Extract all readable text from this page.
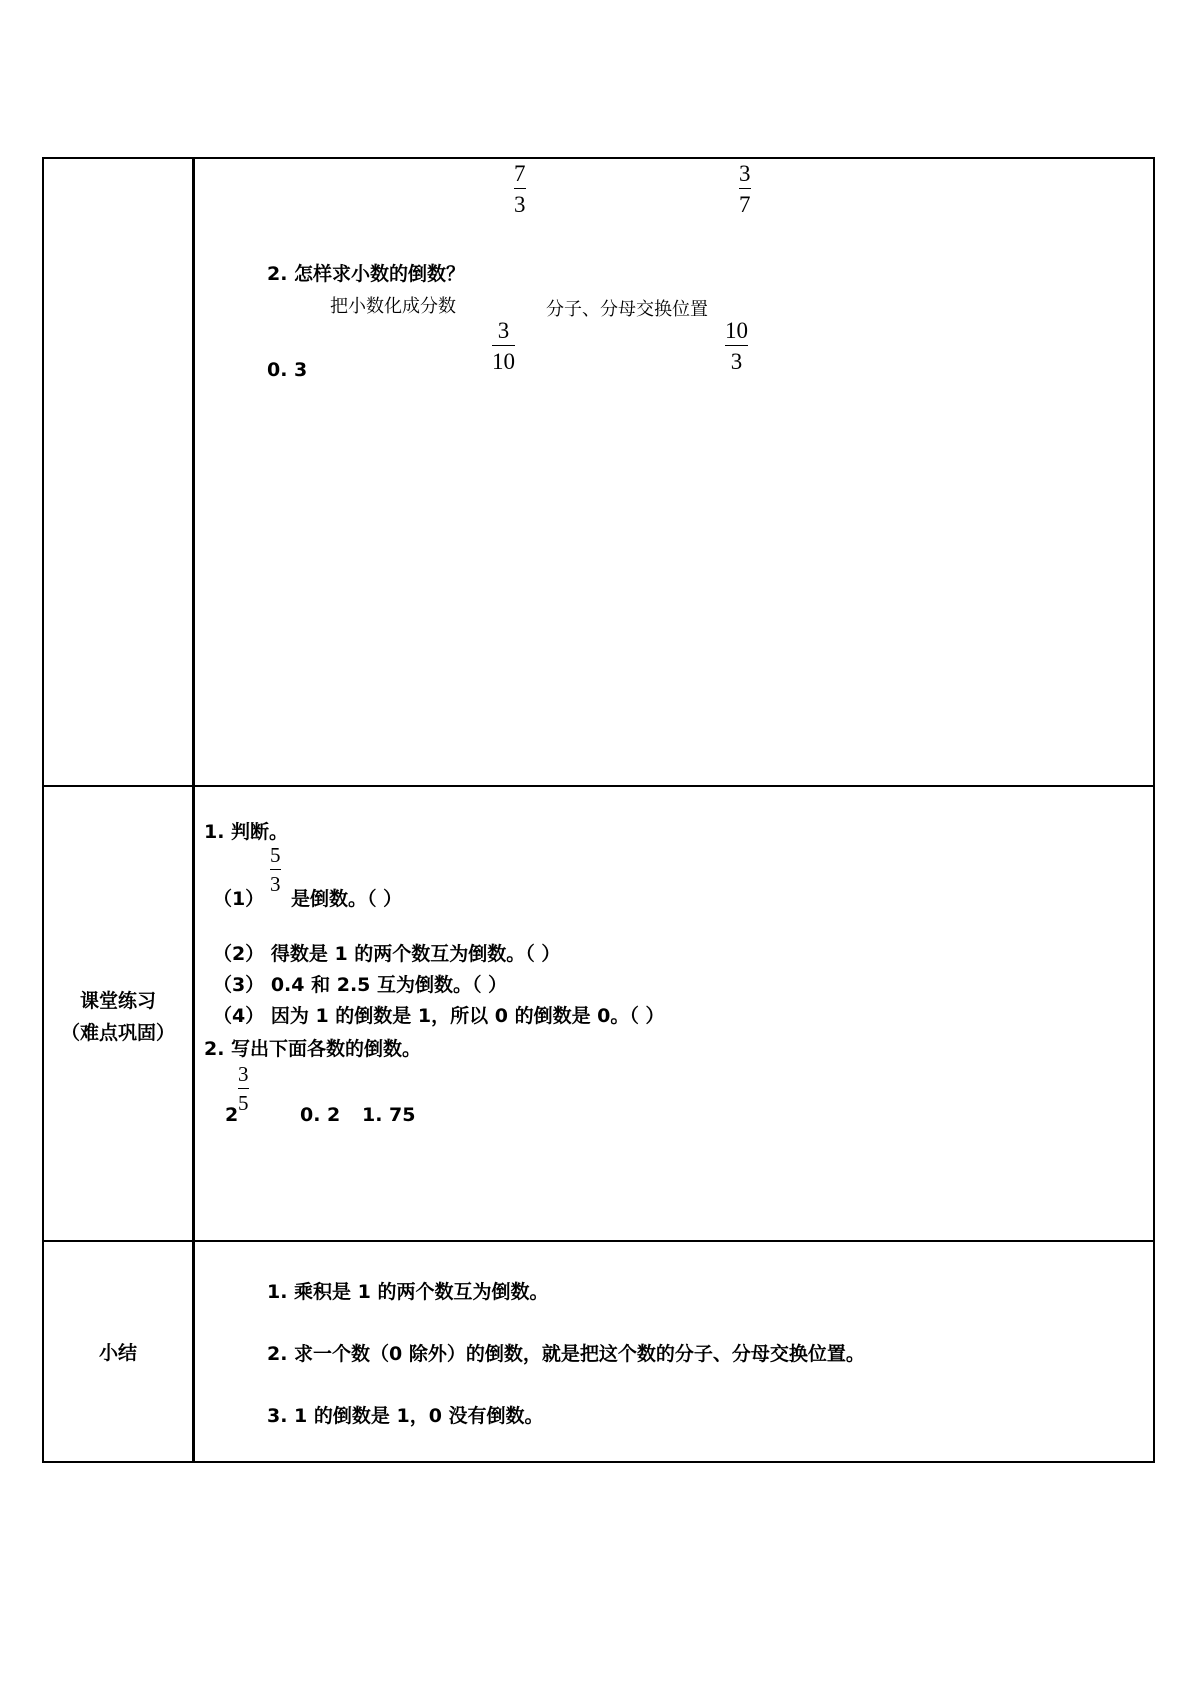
7
3
3
7
2. 怎样求小数的倒数？
把小数化成分数	分子、分母交换位置
0. 3
3
10
10
3
课堂练习
（难点巩固）
1. 判断。
（1）
5
3
是倒数。（ ）
（2） 得数是 1 的两个数互为倒数。（ ）
（3） 0.4 和 2.5 互为倒数。（ ）
（4） 因为 1 的倒数是 1，所以 0 的倒数是 0。（ ）
2. 写出下面各数的倒数。
2
3
5	0. 2 1. 75
小结
1. 乘积是 1 的两个数互为倒数。
2. 求一个数（0 除外）的倒数，就是把这个数的分子、分母交换位置。
3. 1 的倒数是 1，0 没有倒数。
